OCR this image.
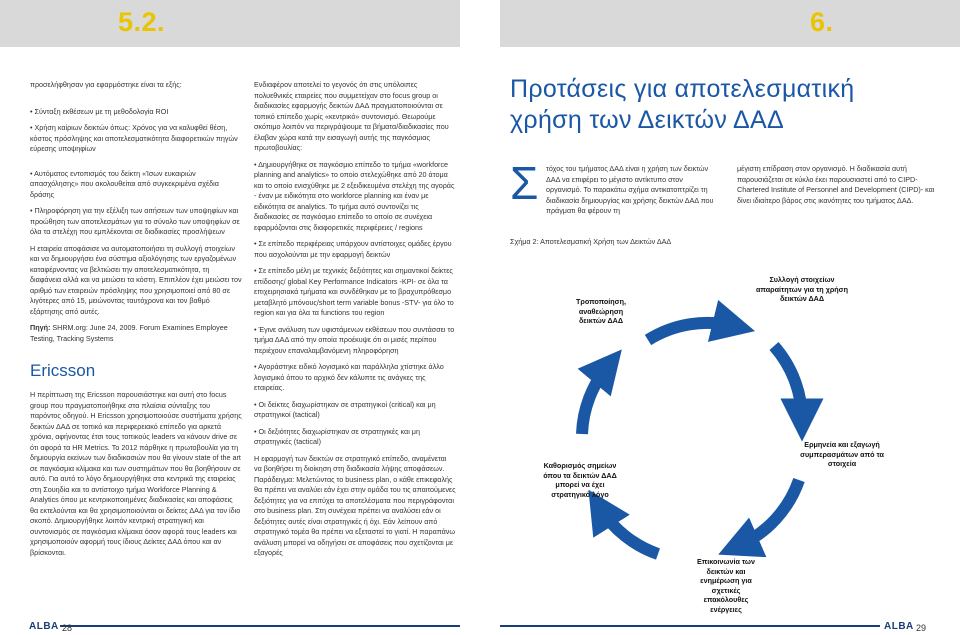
5.2.	6.

προσελήφθησαν για εφαρμόστηκε είναι τα εξής:

• Σύνταξη εκθέσεων με τη μεθοδολογία ROI
• Χρήση καίριων δεικτών όπως: Χρόνος για να καλυφθεί θέση, κόστος πρόσληψης και αποτελεσματικότητα διαφορετικών πηγών εύρεσης υποψηφίων
• Αυτόματος εντοπισμός του δείκτη «Ίσων ευκαιριών απασχόλησης» που ακολουθείται από συγκεκριμένα σχέδια δράσης
• Πληροφόρηση για την εξέλιξη των αιτήσεων των υποψηφίων και προώθηση των αποτελεσμάτων για το σύνολο των υποψηφίων σε όλα τα στελέχη που εμπλέκονται σε διαδικασίες προσλήψεων

Η εταιρεία αποφάσισε να αυτοματοποιήσει τη συλλογή στοιχείων και να δημιουργήσει ένα σύστημα αξιολόγησης των εργαζομένων καταφέρνοντας να βελτιώσει την αποτελεσματικότητα, τη διαφάνεια αλλά και να μειώσει τα κόστη. Επιπλέον έχει μειώσει τον αριθμό των εταιρειών πρόσληψης που χρησιμοποιεί από 80 σε λιγότερες από 15, μειώνοντας ταυτόχρονα και τον βαθμό εξάρτησης από αυτές.

Πηγή: SHRM.org: June 24, 2009. Forum Examines Employee Testing, Tracking Systems

Ericsson

Η περίπτωση της Ericsson παρουσιάστηκε και αυτή στο focus group που πραγματοποιήθηκε στα πλαίσια σύνταξης του παρόντος οδηγού. Η Ericsson χρησιμοποιούσε συστήματα χρήσης δεικτών ΔΑΔ σε τοπικό και περιφερειακό επίπεδο για αρκετά χρόνια, αφήνοντας έτσι τους τοπικούς leaders να κάνουν drive σε ότι αφορά τα HR Metrics. Το 2012 πάρθηκε η πρωτοβουλία για τη δημιουργία εκείνων των διαδικασιών που θα γίνουν state of the art σε παγκόσμια κλίμακα και των συστημάτων που θα βοηθήσουν σε αυτό. Για αυτό το λόγο δημιουργήθηκε στα κεντρικά της εταιρείας στη Σουηδία και το αντίστοιχο τμήμα Workforce Planning & Analytics όπου με κεντρικοποιημένες διαδικασίες και αποφάσεις θα εκτελούνται και θα χρησιμοποιούνται οι δείκτες ΔΑΔ για τον ίδιο σκοπό. Δημιουργήθηκε λοιπόν κεντρική στρατηγική και συντονισμός σε παγκόσμια κλίμακα όσον αφορά τους leaders και χρησιμοποιούν αφορμή τους ίδιους Δείκτες ΔΑΔ όπου και αν βρίσκονται.

Ενδιαφέρον αποτελεί το γεγονός ότι στις υπόλοιπες πολυεθνικές εταιρείες που συμμετείχαν στο focus group οι διαδικασίες εφαρμογής δεικτών ΔΑΔ πραγματοποιούνται σε τοπικό επίπεδο χωρίς «κεντρικό» συντονισμό. Θεωρούμε σκόπιμο λοιπόν να περιγράψουμε τα βήματα/διαδικασίες που έλαβαν χώρα κατά την εισαγωγή αυτής της παγκόσμιας πρωτοβουλίας:

• Δημιουργήθηκε σε παγκόσμιο επίπεδο το τμήμα «workforce planning and analytics» το οποίο στελεχώθηκε από 20 άτομα και το οποίο ενισχύθηκε με 2 εξειδικευμένα στελέχη της αγοράς - έναν με ειδικότητα στο workforce planning και έναν με ειδικότητα σε analytics. Το τμήμα αυτό συντονίζει τις διαδικασίες σε παγκόσμιο επίπεδο το οποίο σε συνέχεια εφαρμόζονται στις διαφορετικές περιφέρειες / regions
• Σε επίπεδο περιφέρειας υπάρχουν αντίστοιχες ομάδες έργου που ασχολούνται με την εφαρμογή δεικτών
• Σε επίπεδο μέλη με τεχνικές δεξιότητες και σημαντικοί δείκτες επίδοσης/ global Key Performance Indicators -KPI- σε όλα τα επιχειρησιακά τμήματα και συνδέθηκαν με το βραχυπρόθεσμο μεταβλητό μπόνους/short term variable bonus -STV- για όλο το region και για όλα τα functions του region
• Έγινε ανάλυση των υφιστάμενων εκθέσεων που συντάσσει το τμήμα ΔΑΔ από την οποία προέκυψε ότι οι μισές περίπου περιέχουν επαναλαμβανόμενη πληροφόρηση
• Αγοράστηκε ειδικό λογισμικό και παράλληλα χτίστηκε άλλο λογισμικό όπου το αρχικό δεν κάλυπτε τις ανάγκες της εταιρείας.
• Οι δείκτες διαχωρίστηκαν σε στρατηγικοί (critical) και μη στρατηγικοί (tactical)
• Οι δεξιότητες διαχωρίστηκαν σε στρατηγικές και μη στρατηγικές (tactical)

Η εφαρμογή των δεικτών σε στρατηγικό επίπεδο, αναμένεται να βοηθήσει τη διοίκηση στη διαδικασία λήψης αποφάσεων. Παράδειγμα: Μελετώντας το business plan, ο κάθε επικεφαλής θα πρέπει να αναλύει εάν έχει στην ομάδα του τις απαιτούμενες δεξιότητες για να επιτύχει τα αποτελέσματα που περιγράφονται στο business plan. Στη συνέχεια πρέπει να αναλύσει εάν οι δεξιότητες αυτές είναι στρατηγικές ή όχι. Εάν λείπουν από στρατηγικό τομέα θα πρέπει να εξεταστεί το γιατί. Η παραπάνω ανάλυση μπορεί να οδηγήσει σε αποφάσεις που σχετίζονται με εξαγορές

Προτάσεις για αποτελεσματική χρήση των Δεικτών ΔΑΔ
Σ τόχος του τμήματος ΔΑΔ είναι η χρήση των δεικτών ΔΑΔ να επιφέρει το μέγιστο αντίκτυπο στον οργανισμό. Το παρακάτω σχήμα αντικατοπτρίζει τη διαδικασία δημιουργίας και χρήσης δεικτών ΔΑΔ που πράγματι θα φέρουν τη

μέγιστη επίδραση στον οργανισμό. Η διαδικασία αυτή παρουσιάζεται σε κύκλο έκει παρουσιαστεί από το CIPD- Chartered Institute of Personnel and Development (CIPD)- και δίνει ιδιαίτερο βάρος στις ικανότητες του τμήματος ΔΑΔ.

Σχήμα 2: Αποτελεσματική Χρήση των Δεικτών ΔΑΔ
Συλλογή στοιχείων απαραίτητων για τη χρήση δεικτών ΔΑΔ
Τροποποίηση, αναθεώρηση δεικτών ΔΑΔ
Ερμηνεία και εξαγωγή συμπερασμάτων από τα στοιχεία
Καθορισμός σημείων όπου τα δεικτών ΔΑΔ μπορεί να έχει στρατηγικό λόγο
Επικοινωνία των δεικτών και ενημέρωση για σχετικές επακόλουθες ενέργειες
ALBA 28	ALBA 29
